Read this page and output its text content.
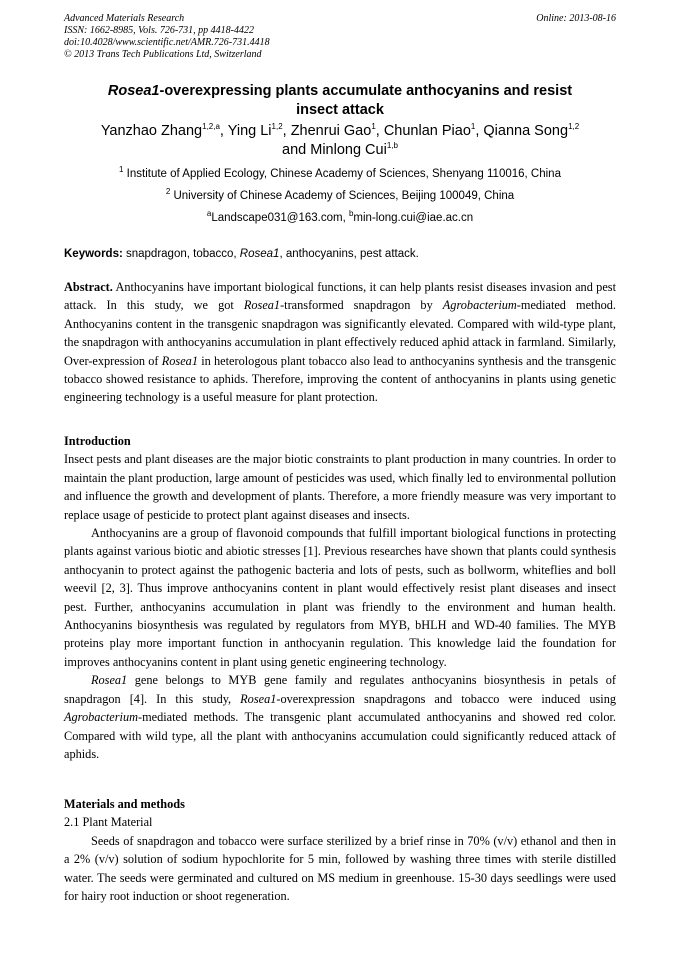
Advanced Materials Research
ISSN: 1662-8985, Vols. 726-731, pp 4418-4422
doi:10.4028/www.scientific.net/AMR.726-731.4418
© 2013 Trans Tech Publications Ltd, Switzerland
Online: 2013-08-16
Rosea1-overexpressing plants accumulate anthocyanins and resist
insect attack
Yanzhao Zhang$^{1,2,a}$, Ying Li$^{1,2}$, Zhenrui Gao$^1$, Chunlan Piao$^1$, Qianna Song$^{1,2}$
and Minlong Cui$^{1,b}$
$^1$ Institute of Applied Ecology, Chinese Academy of Sciences, Shenyang 110016, China
$^2$ University of Chinese Academy of Sciences, Beijing 100049, China
$^a$Landscape031@163.com, $^b$min-long.cui@iae.ac.cn
Keywords: snapdragon, tobacco, Rosea1, anthocyanins, pest attack.

Abstract. Anthocyanins have important biological functions, it can help plants resist diseases invasion and pest attack. In this study, we got Rosea1-transformed snapdragon by Agrobacterium-mediated method. Anthocyanins content in the transgenic snapdragon was significantly elevated. Compared with wild-type plant, the snapdragon with anthocyanins accumulation in plant effectively reduced aphid attack in farmland. Similarly, Over-expression of Rosea1 in heterologous plant tobacco also lead to anthocyanins synthesis and the transgenic tobacco showed resistance to aphids. Therefore, improving the content of anthocyanins in plants using genetic engineering technology is a useful measure for plant protection.

Introduction

Insect pests and plant diseases are the major biotic constraints to plant production in many countries. In order to maintain the plant production, large amount of pesticides was used, which finally led to environmental pollution and influence the growth and development of plants. Therefore, a more friendly measure was very important to replace usage of pesticide to protect plant against diseases and insects.

Anthocyanins are a group of flavonoid compounds that fulfill important biological functions in protecting plants against various biotic and abiotic stresses [1]. Previous researches have shown that plants could synthesis anthocyanin to protect against the pathogenic bacteria and lots of pests, such as bollworm, whiteflies and boll weevil [2, 3]. Thus improve anthocyanins content in plant would effectively resist plant diseases and insect pest. Further, anthocyanins accumulation in plant was friendly to the environment and human health. Anthocyanins biosynthesis was regulated by regulators from MYB, bHLH and WD-40 families. The MYB proteins play more important function in anthocyanin regulation. This knowledge laid the foundation for improves anthocyanins content in plant using genetic engineering technology.

Rosea1 gene belongs to MYB gene family and regulates anthocyanins biosynthesis in petals of snapdragon [4]. In this study, Rosea1-overexpression snapdragons and tobacco were induced using Agrobacterium-mediated methods. The transgenic plant accumulated anthocyanins and showed red color. Compared with wild type, all the plant with anthocyanins accumulation could significantly reduced attack of aphids.

Materials and methods
2.1 Plant Material

Seeds of snapdragon and tobacco were surface sterilized by a brief rinse in 70% (v/v) ethanol and then in a 2% (v/v) solution of sodium hypochlorite for 5 min, followed by washing three times with sterile distilled water. The seeds were germinated and cultured on MS medium in greenhouse. 15-30 days seedlings were used for hairy root induction or shoot regeneration.
